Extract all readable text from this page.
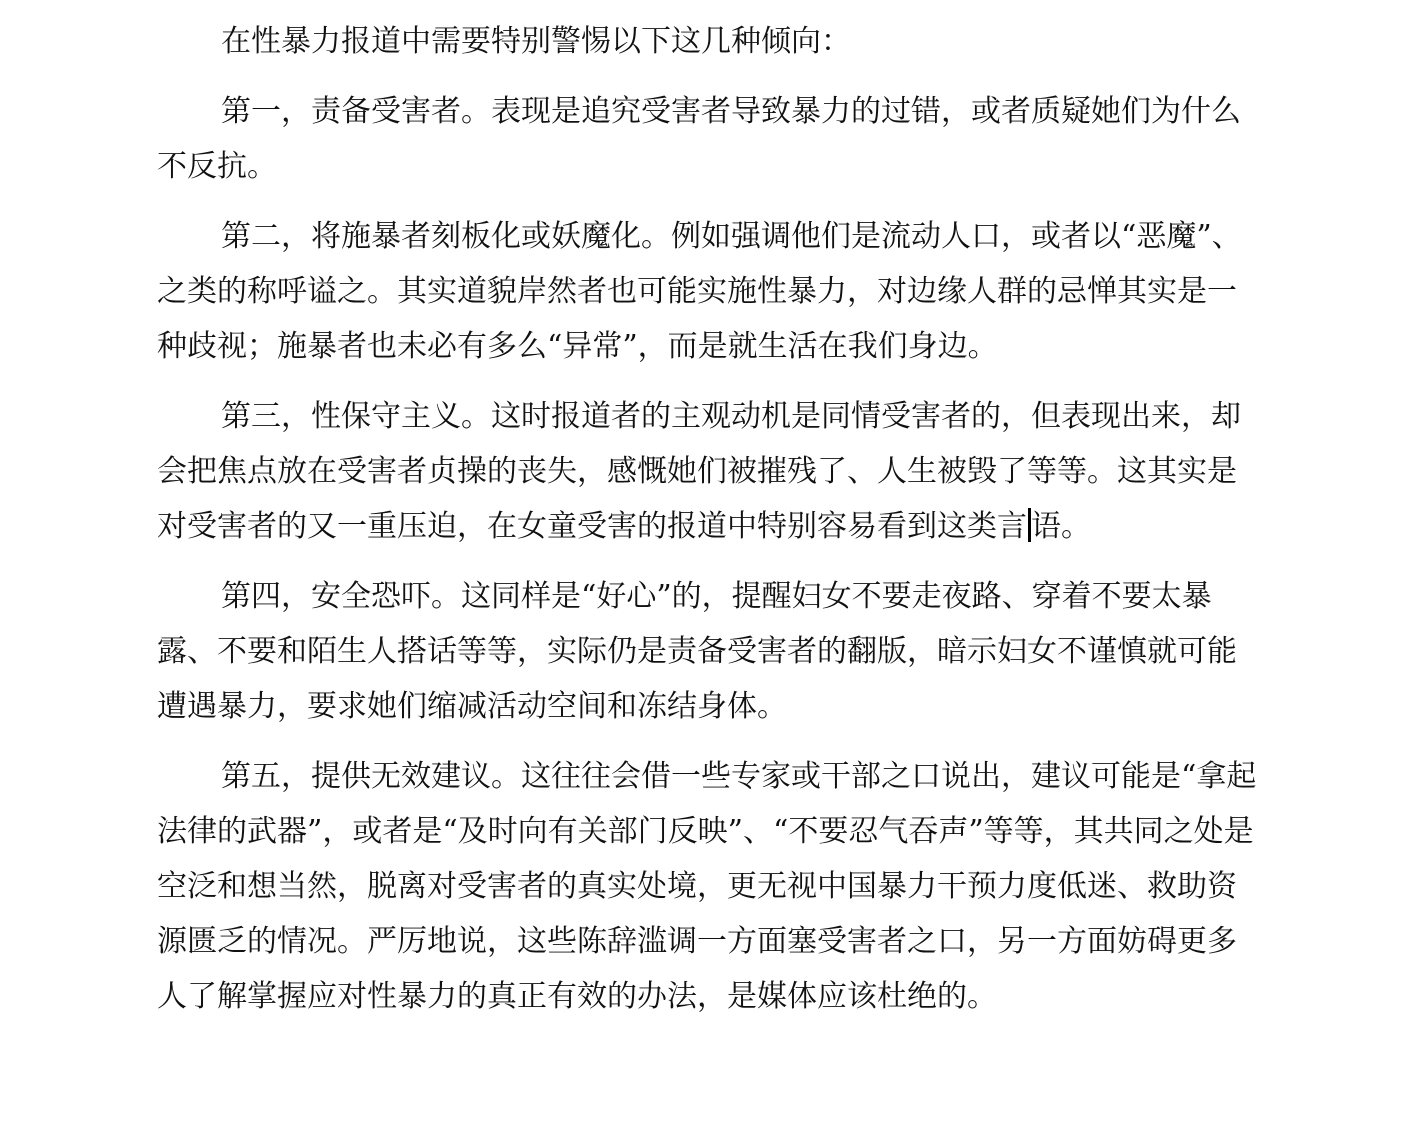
在性暴力报道中需要特别警惕以下这几种倾向：

第一，责备受害者。表现是追究受害者导致暴力的过错，或者质疑她们为什么不反抗。

第二，将施暴者刻板化或妖魔化。例如强调他们是流动人口，或者以“恶魔”、之类的称呼谥之。其实道貌岸然者也可能实施性暴力，对边缘人群的忌惮其实是一种歧视；施暴者也未必有多么“异常”，而是就生活在我们身边。

第三，性保守主义。这时报道者的主观动机是同情受害者的，但表现出来，却会把焦点放在受害者贞操的丧失，感慨她们被摧残了、人生被毁了等等。这其实是对受害者的又一重压迫，在女童受害的报道中特别容易看到这类言 语。

第四，安全恐吓。这同样是“好心”的，提醒妇女不要走夜路、穿着不要太暴露、不要和陌生人搭话等等，实际仍是责备受害者的翻版，暗示妇女不谨慎就可能遭遇暴力，要求她们缩减活动空间和冻结身体。

第五，提供无效建议。这往往会借一些专家或干部之口说出，建议可能是“拿起法律的武器”，或者是“及时向有关部门反映”、“不要忍气吞声”等等，其共同之处是空泛和想当然，脱离对受害者的真实处境，更无视中国暴力干预力度低迷、救助资源匮乏的情况。严厉地说，这些陈辞滥调一方面塞受害者之口，另一方面妨碍更多人了解掌握应对性暴力的真正有效的办法，是媒体应该杜绝的。
